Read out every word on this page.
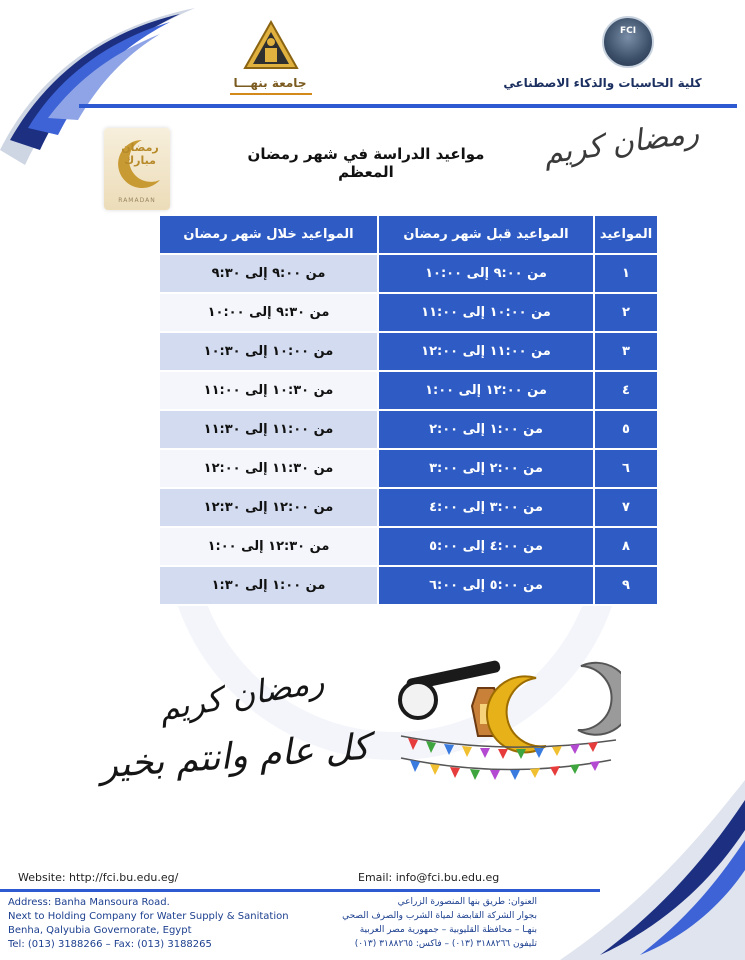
FCI
كلية الحاسبات والذكاء الاصطناعي
جامعة بنهـــا
رمضان كريم
مواعيد الدراسة في شهر رمضان المعظم
رمضان مبارك
RAMADAN
المواعيد	المواعيد قبل شهر رمضان	المواعيد خلال شهر رمضان
١	من ٩:٠٠ إلى ١٠:٠٠	من ٩:٠٠ إلى ٩:٣٠
٢	من ١٠:٠٠ إلى ١١:٠٠	من ٩:٣٠ إلى ١٠:٠٠
٣	من ١١:٠٠ إلى ١٢:٠٠	من ١٠:٠٠ إلى ١٠:٣٠
٤	من ١٢:٠٠ إلى ١:٠٠	من ١٠:٣٠ إلى ١١:٠٠
٥	من ١:٠٠ إلى ٢:٠٠	من ١١:٠٠ إلى ١١:٣٠
٦	من ٢:٠٠ إلى ٣:٠٠	من ١١:٣٠ إلى ١٢:٠٠
٧	من ٣:٠٠ إلى ٤:٠٠	من ١٢:٠٠ إلى ١٢:٣٠
٨	من ٤:٠٠ إلى ٥:٠٠	من ١٢:٣٠ إلى ١:٠٠
٩	من ٥:٠٠ إلى ٦:٠٠	من ١:٠٠ إلى ١:٣٠
رمضان كريم
كل عام وانتم بخير
Website: http://fci.bu.edu.eg/	Email: info@fci.bu.edu.eg
Address: Banha Mansoura Road.
Next to Holding Company for Water Supply & Sanitation
Benha, Qalyubia Governorate, Egypt
Tel: (013) 3188266 – Fax: (013) 3188265
العنوان: طريق بنها المنصورة الزراعي
بجوار الشركة القابضة لمياة الشرب والصرف الصحي
بنهـا – محافظة القليوبية – جمهورية مصر العربية
تليفون ٣١٨٨٢٦٦ (٠١٣) – فاكس: ٣١٨٨٢٦٥ (٠١٣)
